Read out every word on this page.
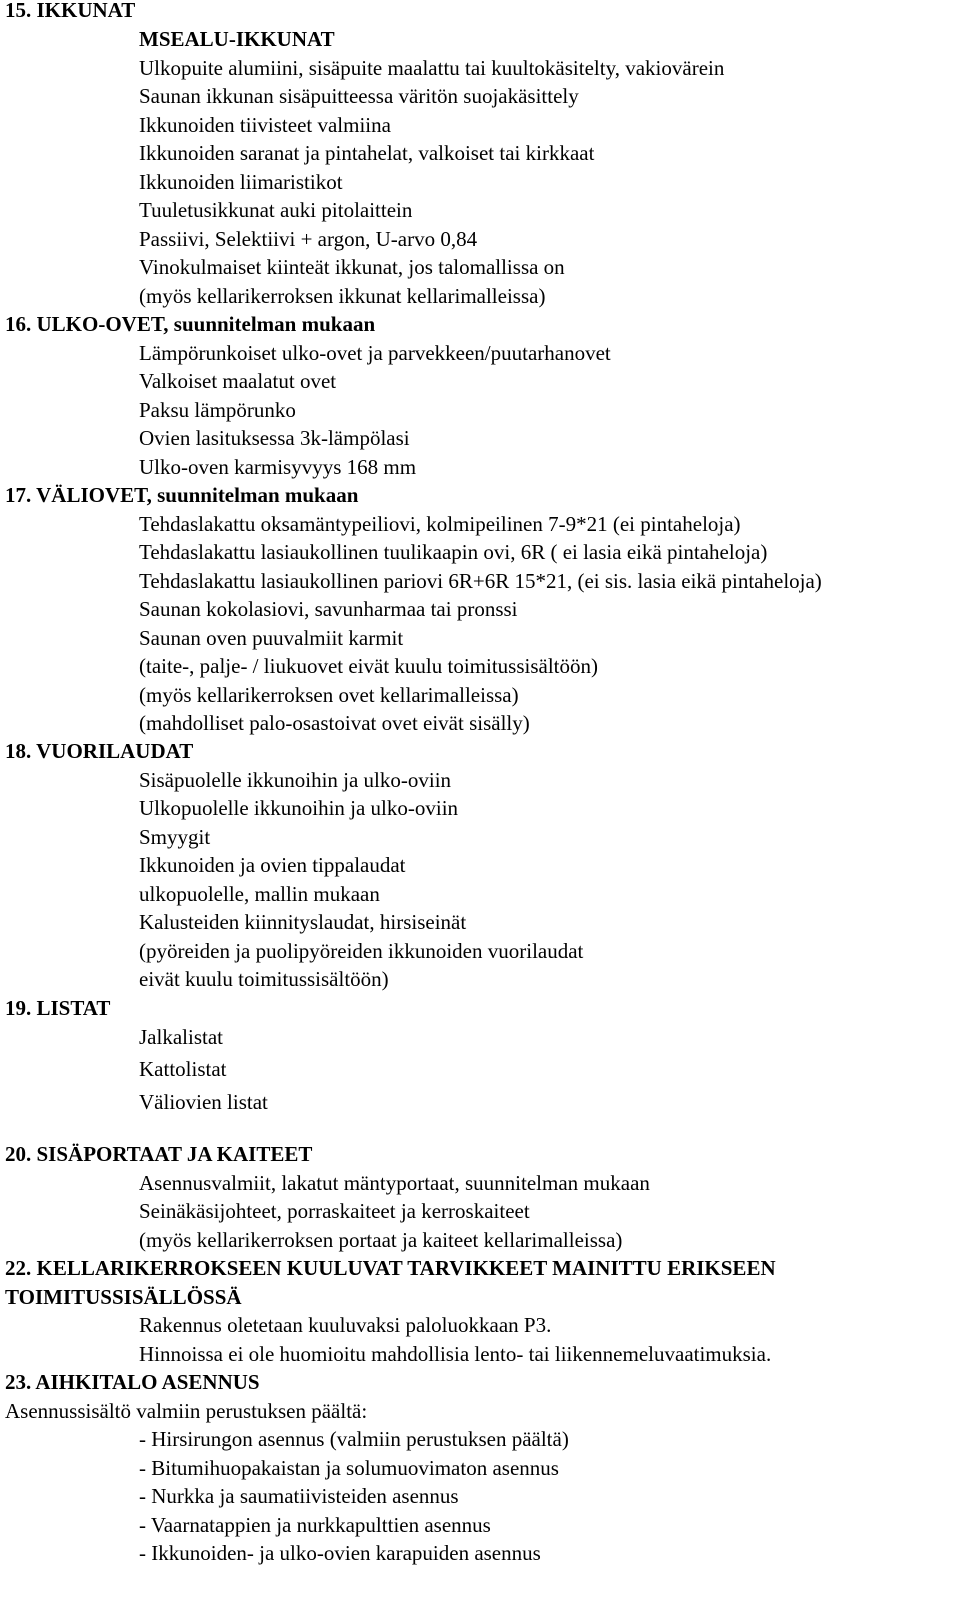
15. IKKUNAT
MSEALU-IKKUNAT
Ulkopuite alumiini, sisäpuite maalattu tai kuultokäsitelty, vakiovärein
Saunan ikkunan sisäpuitteessa väritön suojakäsittely
Ikkunoiden tiivisteet valmiina
Ikkunoiden saranat ja pintahelat, valkoiset tai kirkkaat
Ikkunoiden liimaristikot
Tuuletusikkunat auki pitolaittein
Passiivi, Selektiivi + argon, U-arvo 0,84
Vinokulmaiset kiinteät ikkunat, jos talomallissa on
(myös kellarikerroksen ikkunat kellarimalleissa)
16. ULKO-OVET, suunnitelman mukaan
Lämpörunkoiset ulko-ovet ja parvekkeen/puutarhanovet
Valkoiset maalatut ovet
Paksu lämpörunko
Ovien lasituksessa 3k-lämpölasi
Ulko-oven karmisyvyys 168 mm
17. VÄLIOVET, suunnitelman mukaan
Tehdaslakattu oksamäntypeiliovi, kolmipeilinen 7-9*21 (ei pintaheloja)
Tehdaslakattu lasiaukollinen tuulikaapin ovi, 6R ( ei lasia eikä pintaheloja)
Tehdaslakattu lasiaukollinen pariovi 6R+6R 15*21, (ei sis. lasia eikä pintaheloja)
Saunan kokolasiovi, savunharmaa tai pronssi
Saunan oven puuvalmiit karmit
(taite-, palje- / liukuovet eivät kuulu toimitussisältöön)
(myös kellarikerroksen ovet kellarimalleissa)
(mahdolliset palo-osastoivat ovet eivät sisälly)
18. VUORILAUDAT
Sisäpuolelle ikkunoihin ja ulko-oviin
Ulkopuolelle ikkunoihin ja ulko-oviin
Smyygit
Ikkunoiden ja ovien tippalaudat
ulkopuolelle, mallin mukaan
Kalusteiden kiinnityslaudat, hirsiseinät
(pyöreiden ja puolipyöreiden ikkunoiden vuorilaudat
eivät kuulu toimitussisältöön)
19. LISTAT
Jalkalistat
Kattolistat
Väliovien listat
20. SISÄPORTAAT JA KAITEET
Asennusvalmiit, lakatut mäntyportaat, suunnitelman mukaan
Seinäkäsijohteet, porraskaiteet ja kerroskaiteet
(myös kellarikerroksen portaat ja kaiteet kellarimalleissa)
22. KELLARIKERROKSEEN KUULUVAT TARVIKKEET MAINITTU ERIKSEEN
TOIMITUSSISÄLLÖSSÄ
Rakennus oletetaan kuuluvaksi paloluokkaan P3.
Hinnoissa ei ole huomioitu mahdollisia lento- tai liikennemeluvaatimuksia.
23. AIHKITALO ASENNUS
Asennussisältö valmiin perustuksen päältä:
- Hirsirungon asennus (valmiin perustuksen päältä)
- Bitumihuopakaistan ja solumuovimaton asennus
- Nurkka ja saumatiivisteiden asennus
- Vaarnatappien ja nurkkapulttien asennus
- Ikkunoiden- ja ulko-ovien karapuiden asennus
